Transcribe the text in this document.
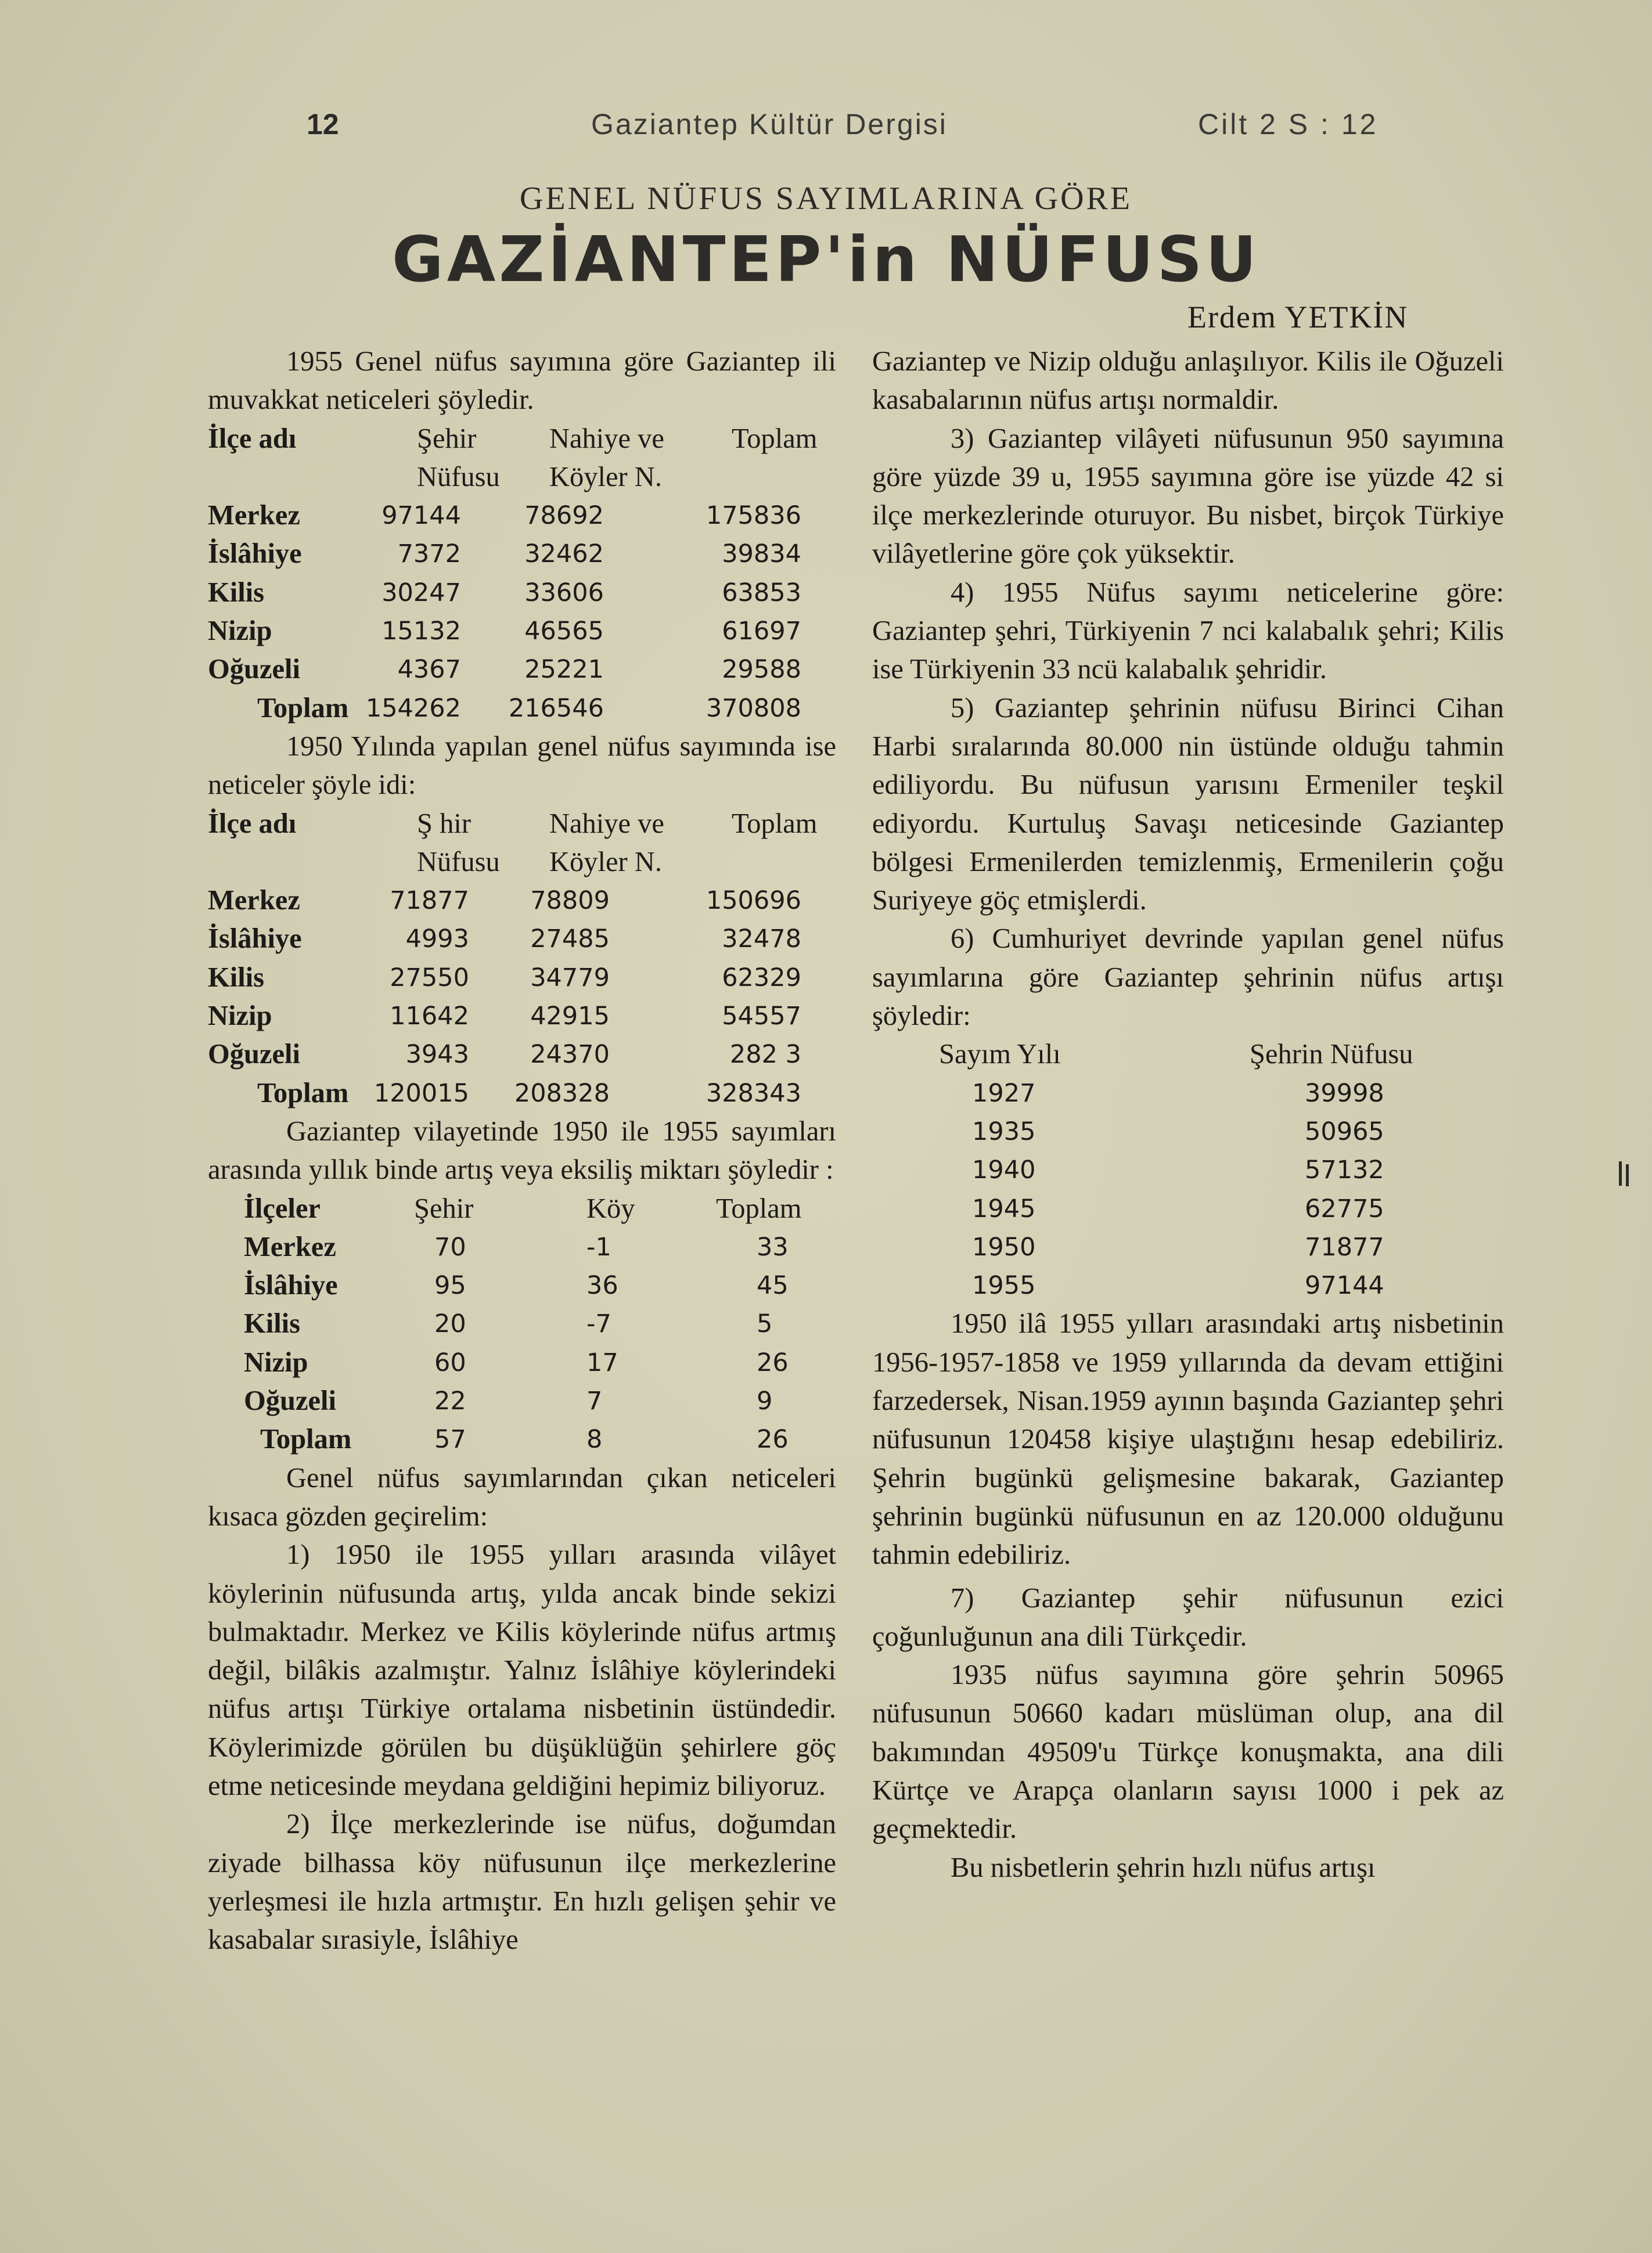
12	Gaziantep Kültür Dergisi	Cilt 2 S : 12
GENEL NÜFUS SAYIMLARINA GÖRE
GAZİANTEP'in NÜFUSU
Erdem YETKİN

1955 Genel nüfus sayımına göre Gaziantep ili muvakkat neticeleri şöyledir.

İlçe adı	Şehir	Nahiye ve Toplam
Nüfusu Köyler N.
Merkez	97144	78692	175836
İslâhiye	7372	32462	39834
Kilis	30247	33606	63853
Nizip	15132	46565	61697
Oğuzeli	4367	25221	29588
Toplam 154262 216546	370808

1950 Yılında yapılan genel nüfus sayımında ise neticeler şöyle idi:

İlçe adı	Ş hir	Nahiye ve Toplam
Nüfusu Köyler N.
Merkez	71877 78809	150696
İslâhiye	4993 27485	32478
Kilis	27550 34779	62329
Nizip	11642 42915	54557
Oğuzeli	3943 24370	282 3
Toplam 120015 208328	328343

Gaziantep vilayetinde 1950 ile 1955 sayımları arasında yıllık binde artış veya eksiliş miktarı şöyledir :

İlçeler	Şehir	Köy	Toplam
Merkez	70	-1	33
İslâhiye	95	36	45
Kilis	20	-7	5
Nizip	60	17	26
Oğuzeli	22	7	9
Toplam	57	8	26

Genel nüfus sayımlarından çıkan neticeleri kısaca gözden geçirelim:

1) 1950 ile 1955 yılları arasında vilâyet köylerinin nüfusunda artış, yılda ancak binde sekizi bulmaktadır. Merkez ve Kilis köylerinde nüfus artmış değil, bilâkis azalmıştır. Yalnız İslâhiye köylerindeki nüfus artışı Türkiye ortalama nisbetinin üstündedir. Köylerimizde görülen bu düşüklüğün şehirlere göç etme neticesinde meydana geldiğini hepimiz biliyoruz.

2) İlçe merkezlerinde ise nüfus, doğumdan ziyade bilhassa köy nüfusunun ilçe merkezlerine yerleşmesi ile hızla artmıştır. En hızlı gelişen şehir ve kasabalar sırasiyle, İslâhiye

Gaziantep ve Nizip olduğu anlaşılıyor. Kilis ile Oğuzeli kasabalarının nüfus artışı normaldir.

3) Gaziantep vilâyeti nüfusunun 950 sayımına göre yüzde 39 u, 1955 sayımına göre ise yüzde 42 si ilçe merkezlerinde oturuyor. Bu nisbet, birçok Türkiye vilâyetlerine göre çok yüksektir.

4) 1955 Nüfus sayımı neticelerine göre: Gaziantep şehri, Türkiyenin 7 nci kalabalık şehri; Kilis ise Türkiyenin 33 ncü kalabalık şehridir.

5) Gaziantep şehrinin nüfusu Birinci Cihan Harbi sıralarında 80.000 nin üstünde olduğu tahmin ediliyordu. Bu nüfusun yarısını Ermeniler teşkil ediyordu. Kurtuluş Savaşı neticesinde Gaziantep bölgesi Ermenilerden temizlenmiş, Ermenilerin çoğu Suriyeye göç etmişlerdi.

6) Cumhuriyet devrinde yapılan genel nüfus sayımlarına göre Gaziantep şehrinin nüfus artışı şöyledir:

Sayım Yılı	Şehrin Nüfusu
1927	39998
1935	50965
1940	57132
1945	62775
1950	71877
1955	97144

1950 ilâ 1955 yılları arasındaki artış nisbetinin 1956-1957-1858 ve 1959 yıllarında da devam ettiğini farzedersek, Nisan.1959 ayının başında Gaziantep şehri nüfusunun 120458 kişiye ulaştığını hesap edebiliriz. Şehrin bugünkü gelişmesine bakarak, Gaziantep şehrinin bugünkü nüfusunun en az 120.000 olduğunu tahmin edebiliriz.

7) Gaziantep şehir nüfusunun ezici çoğunluğunun ana dili Türkçedir.

1935 nüfus sayımına göre şehrin 50965 nüfusunun 50660 kadarı müslüman olup, ana dil bakımından 49509'u Türkçe konuşmakta, ana dili Kürtçe ve Arapça olanların sayısı 1000 i pek az geçmektedir.

Bu nisbetlerin şehrin hızlı nüfus artışı
